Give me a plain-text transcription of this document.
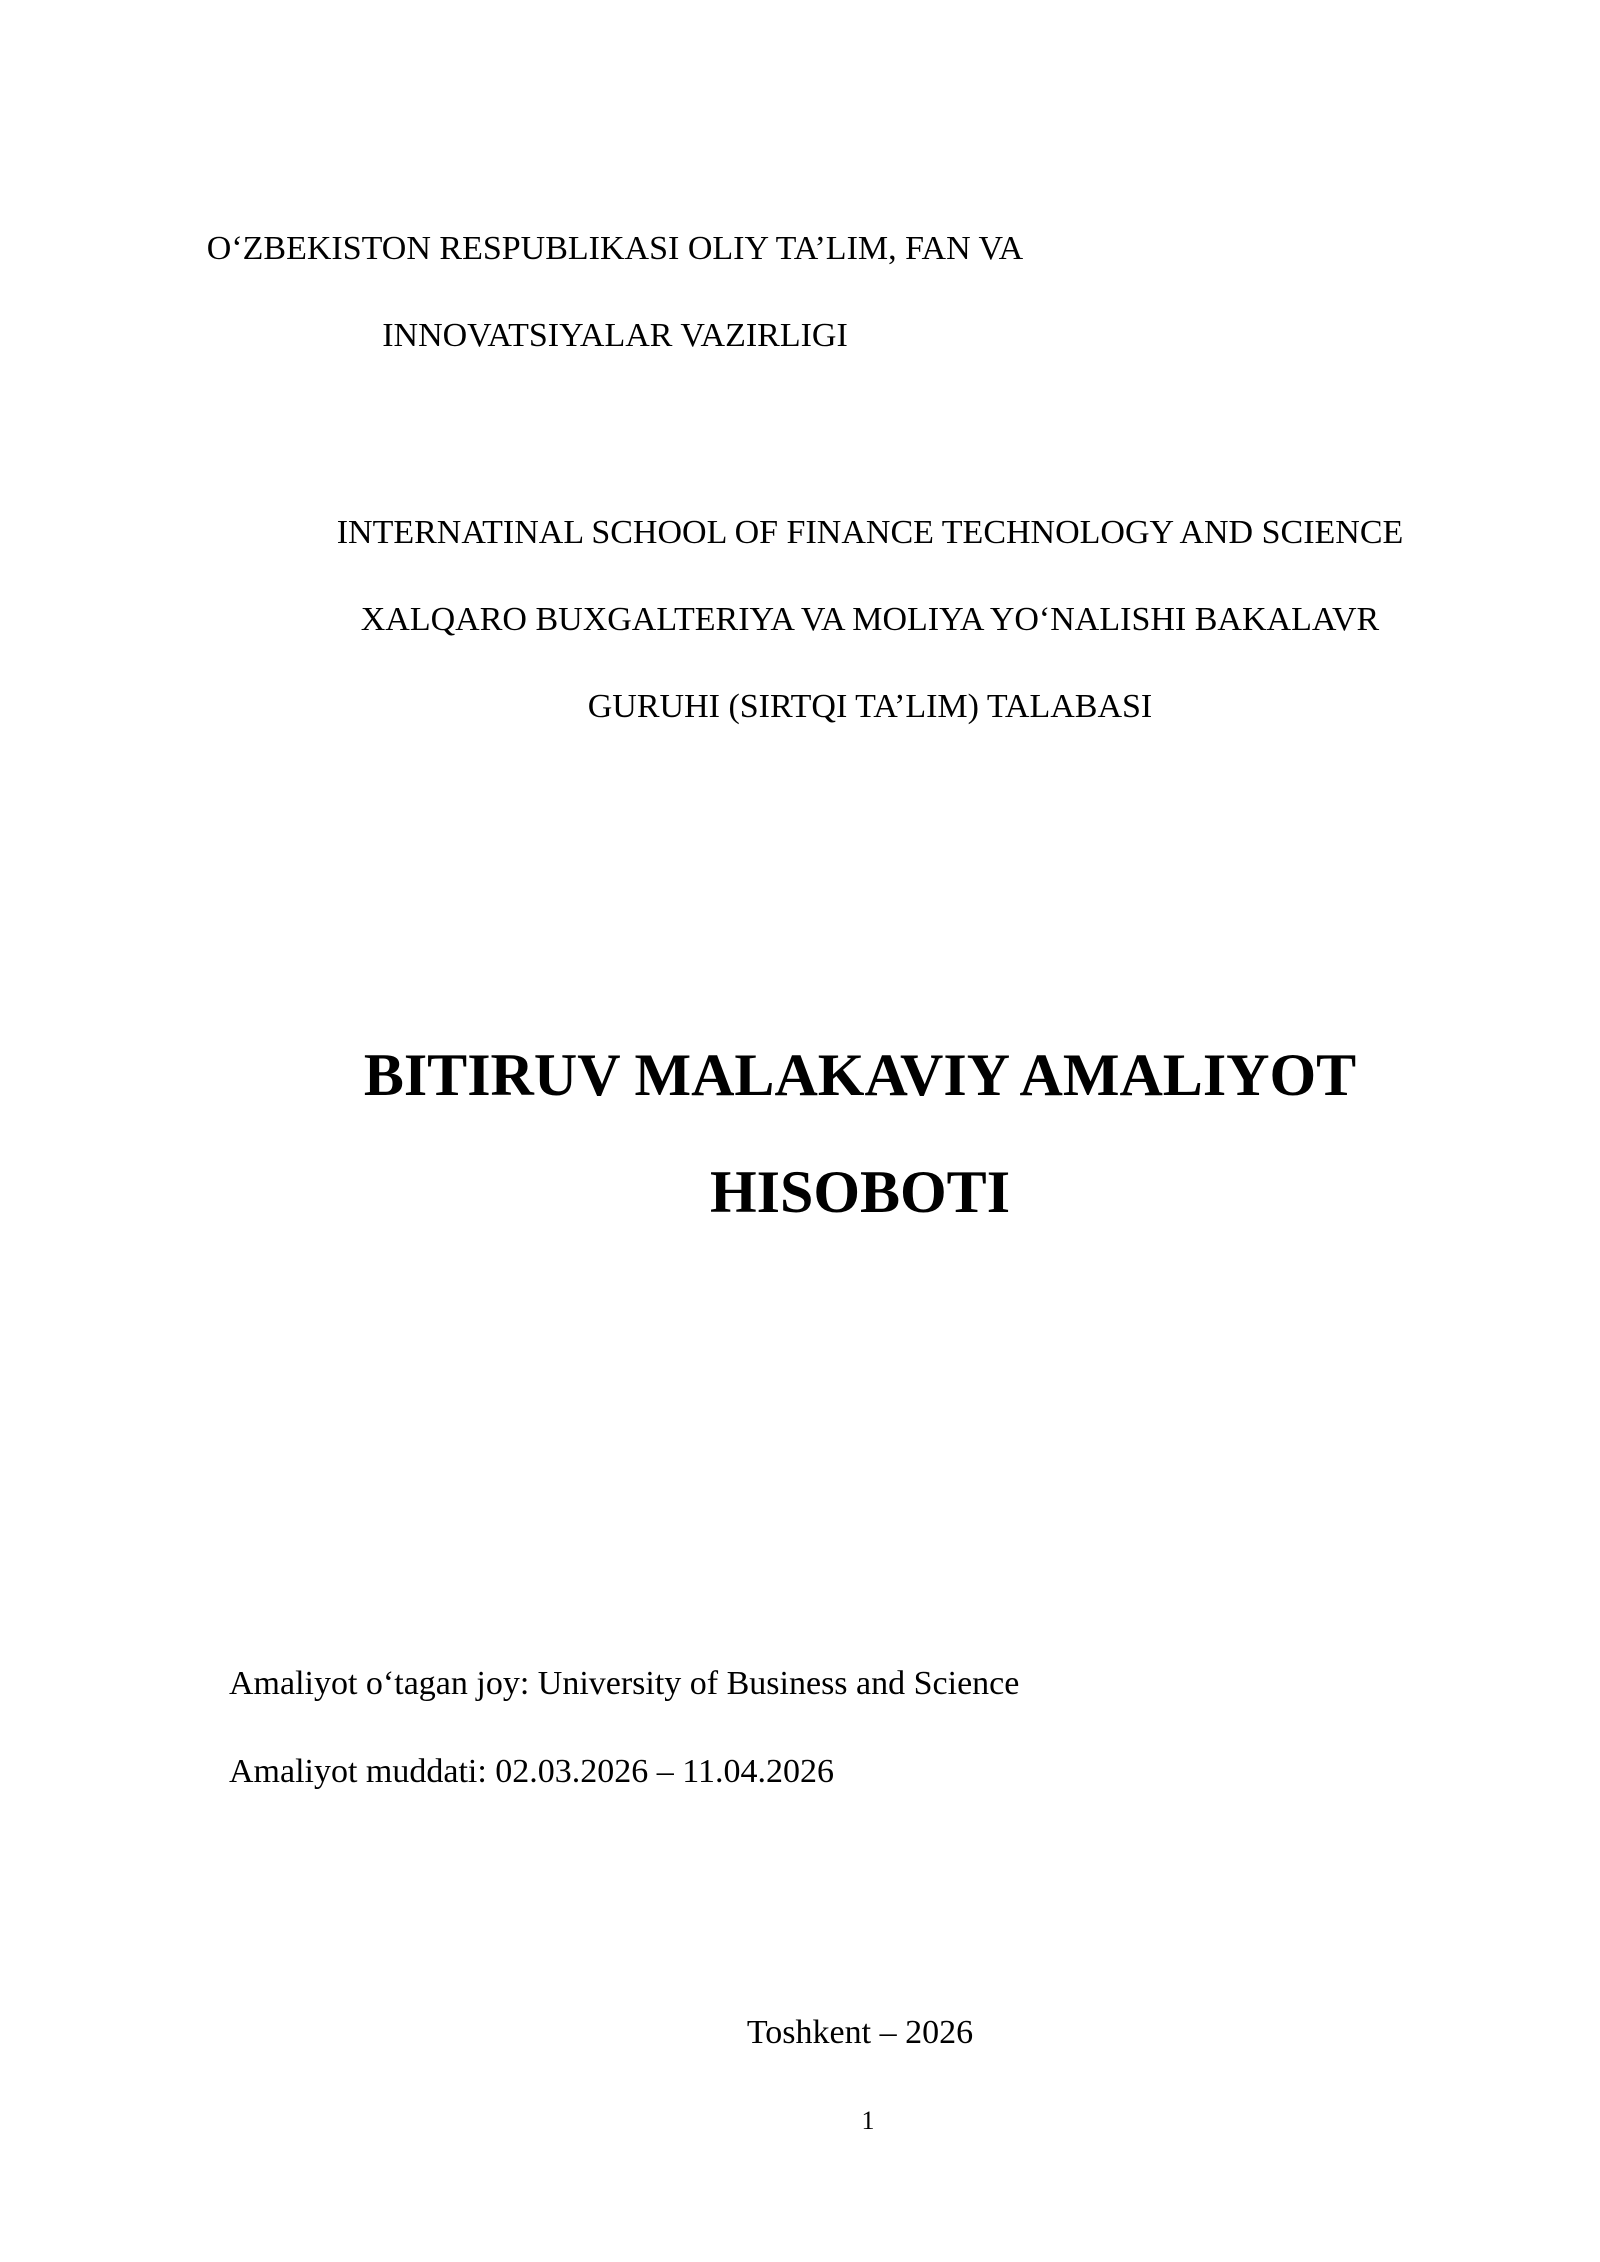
O‘ZBEKISTON RESPUBLIKASI OLIY TA’LIM, FAN VA
INNOVATSIYALAR VAZIRLIGI
INTERNATINAL SCHOOL OF FINANCE TECHNOLOGY AND SCIENCE
XALQARO BUXGALTERIYA VA MOLIYA YO‘NALISHI BAKALAVR
GURUHI (SIRTQI TA’LIM) TALABASI
BITIRUV MALAKAVIY AMALIYOT
HISOBOTI
Amaliyot o‘tagan joy: University of Business and Science
Amaliyot muddati: 02.03.2026 – 11.04.2026
Toshkent – 2026
1
